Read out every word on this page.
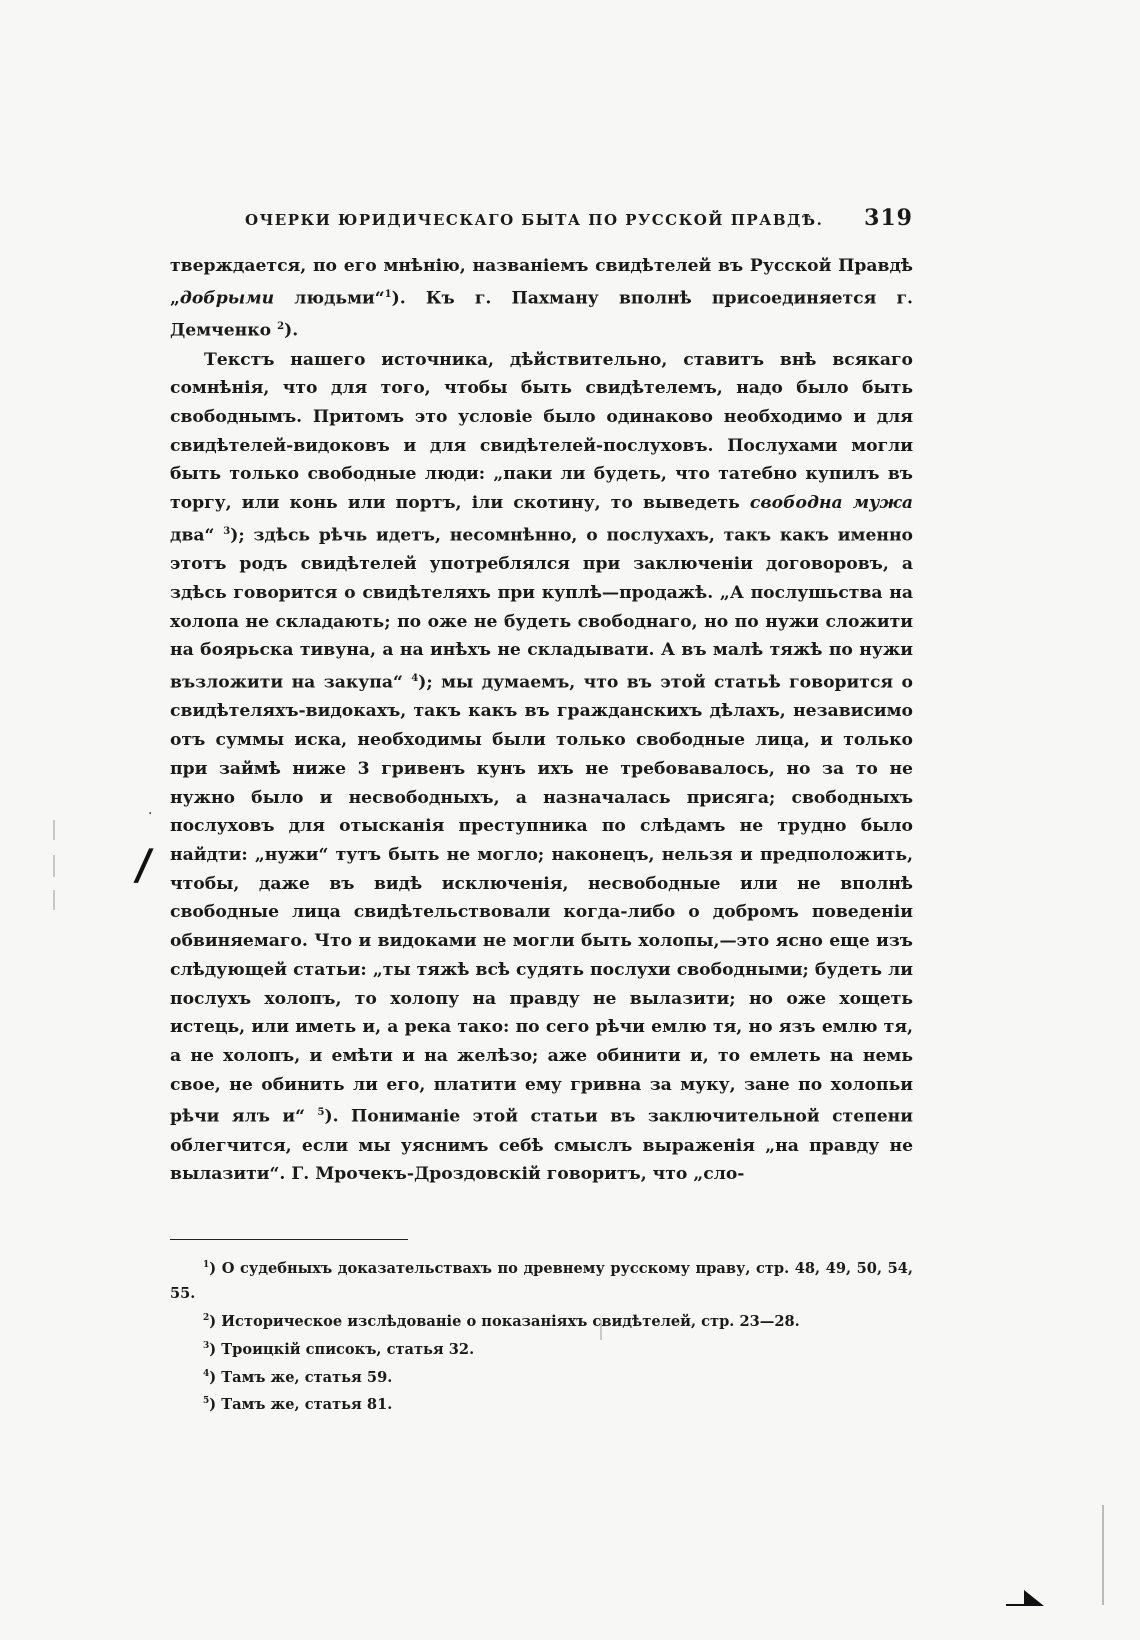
ОЧЕРКИ ЮРИДИЧЕСКАГО БЫТА ПО РУССКОЙ ПРАВДѢ. 319
·
/

тверждается, по его мнѣнію, названіемъ свидѣтелей въ Русской Правдѣ „добрыми людьми“$^1$). Къ г. Пахману вполнѣ присоединяется г. Демченко $^2$).

Текстъ нашего источника, дѣйствительно, ставитъ внѣ всякаго сомнѣнія, что для того, чтобы быть свидѣтелемъ, надо было быть свободнымъ. Притомъ это условіе было одинаково необходимо и для свидѣтелей-видоковъ и для свидѣтелей-послуховъ. Послухами могли быть только свободные люди: „паки ли будеть, что татебно купилъ въ торгу, или конь или портъ, іли скотину, то выведеть свободна мужа два“ $^3$); здѣсь рѣчь идетъ, несомнѣнно, о послухахъ, такъ какъ именно этотъ родъ свидѣтелей употреблялся при заключеніи договоровъ, а здѣсь говорится о свидѣтеляхъ при куплѣ—продажѣ. „А послушьства на холопа не складають; по оже не будеть свободнаго, но по нужи сложити на боярьска тивуна, а на инѣхъ не складывати. А въ малѣ тяжѣ по нужи възложити на закупа“ $^4$); мы думаемъ, что въ этой статьѣ говорится о свидѣтеляхъ-видокахъ, такъ какъ въ гражданскихъ дѣлахъ, независимо отъ суммы иска, необходимы были только свободные лица, и только при займѣ ниже 3 гривенъ кунъ ихъ не требовавалось, но за то не нужно было и несвободныхъ, а назначалась присяга; свободныхъ послуховъ для отысканія преступника по слѣдамъ не трудно было найдти: „нужи“ тутъ быть не могло; наконецъ, нельзя и предположить, чтобы, даже въ видѣ исключенія, несвободные или не вполнѣ свободные лица свидѣтельствовали когда-либо о добромъ поведеніи обвиняемаго. Что и видоками не могли быть холопы,—это ясно еще изъ слѣдующей статьи: „ты тяжѣ всѣ судять послухи свободными; будеть ли послухъ холопъ, то холопу на правду не вылазити; но оже хощеть истець, или иметь и, а река тако: по сего рѣчи емлю тя, но язъ емлю тя, а не холопъ, и емѣти и на желѣзо; аже обинити и, то емлеть на немь свое, не обинить ли его, платити ему гривна за муку, зане по холопьи рѣчи ялъ и“ $^5$). Пониманіе этой статьи въ заключительной степени облегчится, если мы уяснимъ себѣ смыслъ выраженія „на правду не вылазити“. Г. Мрочекъ-Дроздовскій говоритъ, что „сло-

$^1$) О судебныхъ доказательствахъ по древнему русскому праву, стр. 48, 49, 50, 54, 55.

$^2$) Историческое изслѣдованіе о показаніяхъ свидѣтелей, стр. 23—28.

$^3$) Троицкій списокъ, статья 32.

$^4$) Тамъ же, статья 59.

$^5$) Тамъ же, статья 81.
